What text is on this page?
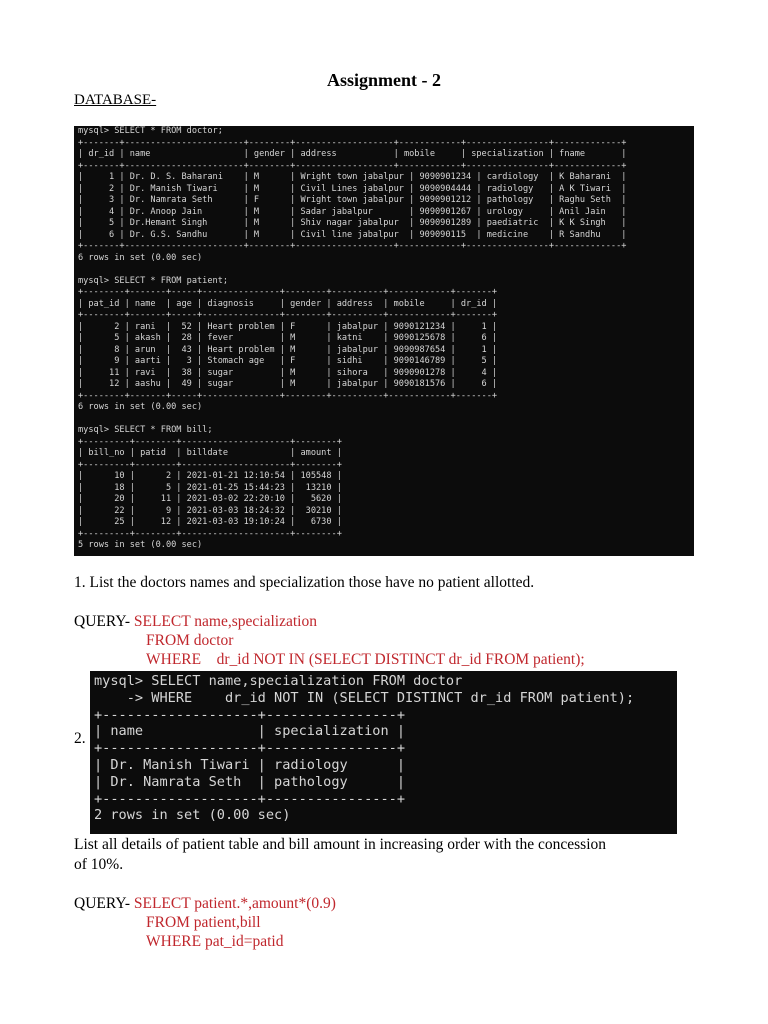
Assignment - 2
DATABASE-
mysql> SELECT * FROM doctor;
+-------+-----------------------+--------+-------------------+------------+----------------+-------------+
| dr_id | name                  | gender | address           | mobile     | specialization | fname       |
+-------+-----------------------+--------+-------------------+------------+----------------+-------------+
|     1 | Dr. D. S. Baharani    | M      | Wright town jabalpur | 9090901234 | cardiology  | K Baharani  |
|     2 | Dr. Manish Tiwari     | M      | Civil Lines jabalpur | 9090904444 | radiology   | A K Tiwari  |
|     3 | Dr. Namrata Seth      | F      | Wright town jabalpur | 9090901212 | pathology   | Raghu Seth  |
|     4 | Dr. Anoop Jain        | M      | Sadar jabalpur       | 9090901267 | urology     | Anil Jain   |
|     5 | Dr.Hemant Singh       | M      | Shiv nagar jabalpur  | 9090901289 | paediatric  | K K Singh   |
|     6 | Dr. G.S. Sandhu       | M      | Civil line jabalpur  | 909090115  | medicine    | R Sandhu    |
+-------+-----------------------+--------+-------------------+------------+----------------+-------------+
6 rows in set (0.00 sec)

mysql> SELECT * FROM patient;
+--------+-------+-----+---------------+--------+----------+------------+-------+
| pat_id | name  | age | diagnosis     | gender | address  | mobile     | dr_id |
+--------+-------+-----+---------------+--------+----------+------------+-------+
|      2 | rani  |  52 | Heart problem | F      | jabalpur | 9090121234 |     1 |
|      5 | akash |  28 | fever         | M      | katni    | 9090125678 |     6 |
|      8 | arun  |  43 | Heart problem | M      | jabalpur | 9090987654 |     1 |
|      9 | aarti |   3 | Stomach age   | F      | sidhi    | 9090146789 |     5 |
|     11 | ravi  |  38 | sugar         | M      | sihora   | 9090901278 |     4 |
|     12 | aashu |  49 | sugar         | M      | jabalpur | 9090181576 |     6 |
+--------+-------+-----+---------------+--------+----------+------------+-------+
6 rows in set (0.00 sec)

mysql> SELECT * FROM bill;
+---------+--------+---------------------+--------+
| bill_no | patid  | billdate            | amount |
+---------+--------+---------------------+--------+
|      10 |      2 | 2021-01-21 12:10:54 | 105548 |
|      18 |      5 | 2021-01-25 15:44:23 |  13210 |
|      20 |     11 | 2021-03-02 22:20:10 |   5620 |
|      22 |      9 | 2021-03-03 18:24:32 |  30210 |
|      25 |     12 | 2021-03-03 19:10:24 |   6730 |
+---------+--------+---------------------+--------+
5 rows in set (0.00 sec)
1. List the doctors names and specialization those have no patient allotted.
QUERY- SELECT name,specialization
FROM doctor
WHERE    dr_id NOT IN (SELECT DISTINCT dr_id FROM patient);
mysql> SELECT name,specialization FROM doctor
-> WHERE    dr_id NOT IN (SELECT DISTINCT dr_id FROM patient);
+-------------------+----------------+
| name              | specialization |
+-------------------+----------------+
| Dr. Manish Tiwari | radiology      |
| Dr. Namrata Seth  | pathology      |
+-------------------+----------------+
2 rows in set (0.00 sec)
2.
List all details of patient table and bill amount in increasing order with the concession
of 10%.
QUERY- SELECT patient.*,amount*(0.9)
FROM patient,bill
WHERE pat_id=patid
